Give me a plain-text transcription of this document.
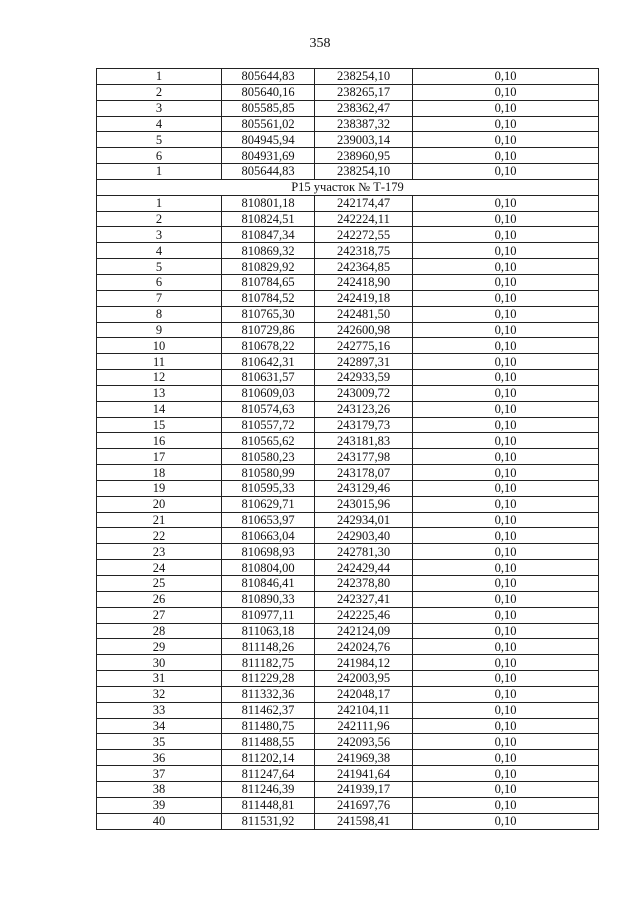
358
1	805644,83	238254,10	0,10
2	805640,16	238265,17	0,10
3	805585,85	238362,47	0,10
4	805561,02	238387,32	0,10
5	804945,94	239003,14	0,10
6	804931,69	238960,95	0,10
1	805644,83	238254,10	0,10
Р15 участок № Т-179			
1	810801,18	242174,47	0,10
2	810824,51	242224,11	0,10
3	810847,34	242272,55	0,10
4	810869,32	242318,75	0,10
5	810829,92	242364,85	0,10
6	810784,65	242418,90	0,10
7	810784,52	242419,18	0,10
8	810765,30	242481,50	0,10
9	810729,86	242600,98	0,10
10	810678,22	242775,16	0,10
11	810642,31	242897,31	0,10
12	810631,57	242933,59	0,10
13	810609,03	243009,72	0,10
14	810574,63	243123,26	0,10
15	810557,72	243179,73	0,10
16	810565,62	243181,83	0,10
17	810580,23	243177,98	0,10
18	810580,99	243178,07	0,10
19	810595,33	243129,46	0,10
20	810629,71	243015,96	0,10
21	810653,97	242934,01	0,10
22	810663,04	242903,40	0,10
23	810698,93	242781,30	0,10
24	810804,00	242429,44	0,10
25	810846,41	242378,80	0,10
26	810890,33	242327,41	0,10
27	810977,11	242225,46	0,10
28	811063,18	242124,09	0,10
29	811148,26	242024,76	0,10
30	811182,75	241984,12	0,10
31	811229,28	242003,95	0,10
32	811332,36	242048,17	0,10
33	811462,37	242104,11	0,10
34	811480,75	242111,96	0,10
35	811488,55	242093,56	0,10
36	811202,14	241969,38	0,10
37	811247,64	241941,64	0,10
38	811246,39	241939,17	0,10
39	811448,81	241697,76	0,10
40	811531,92	241598,41	0,10
